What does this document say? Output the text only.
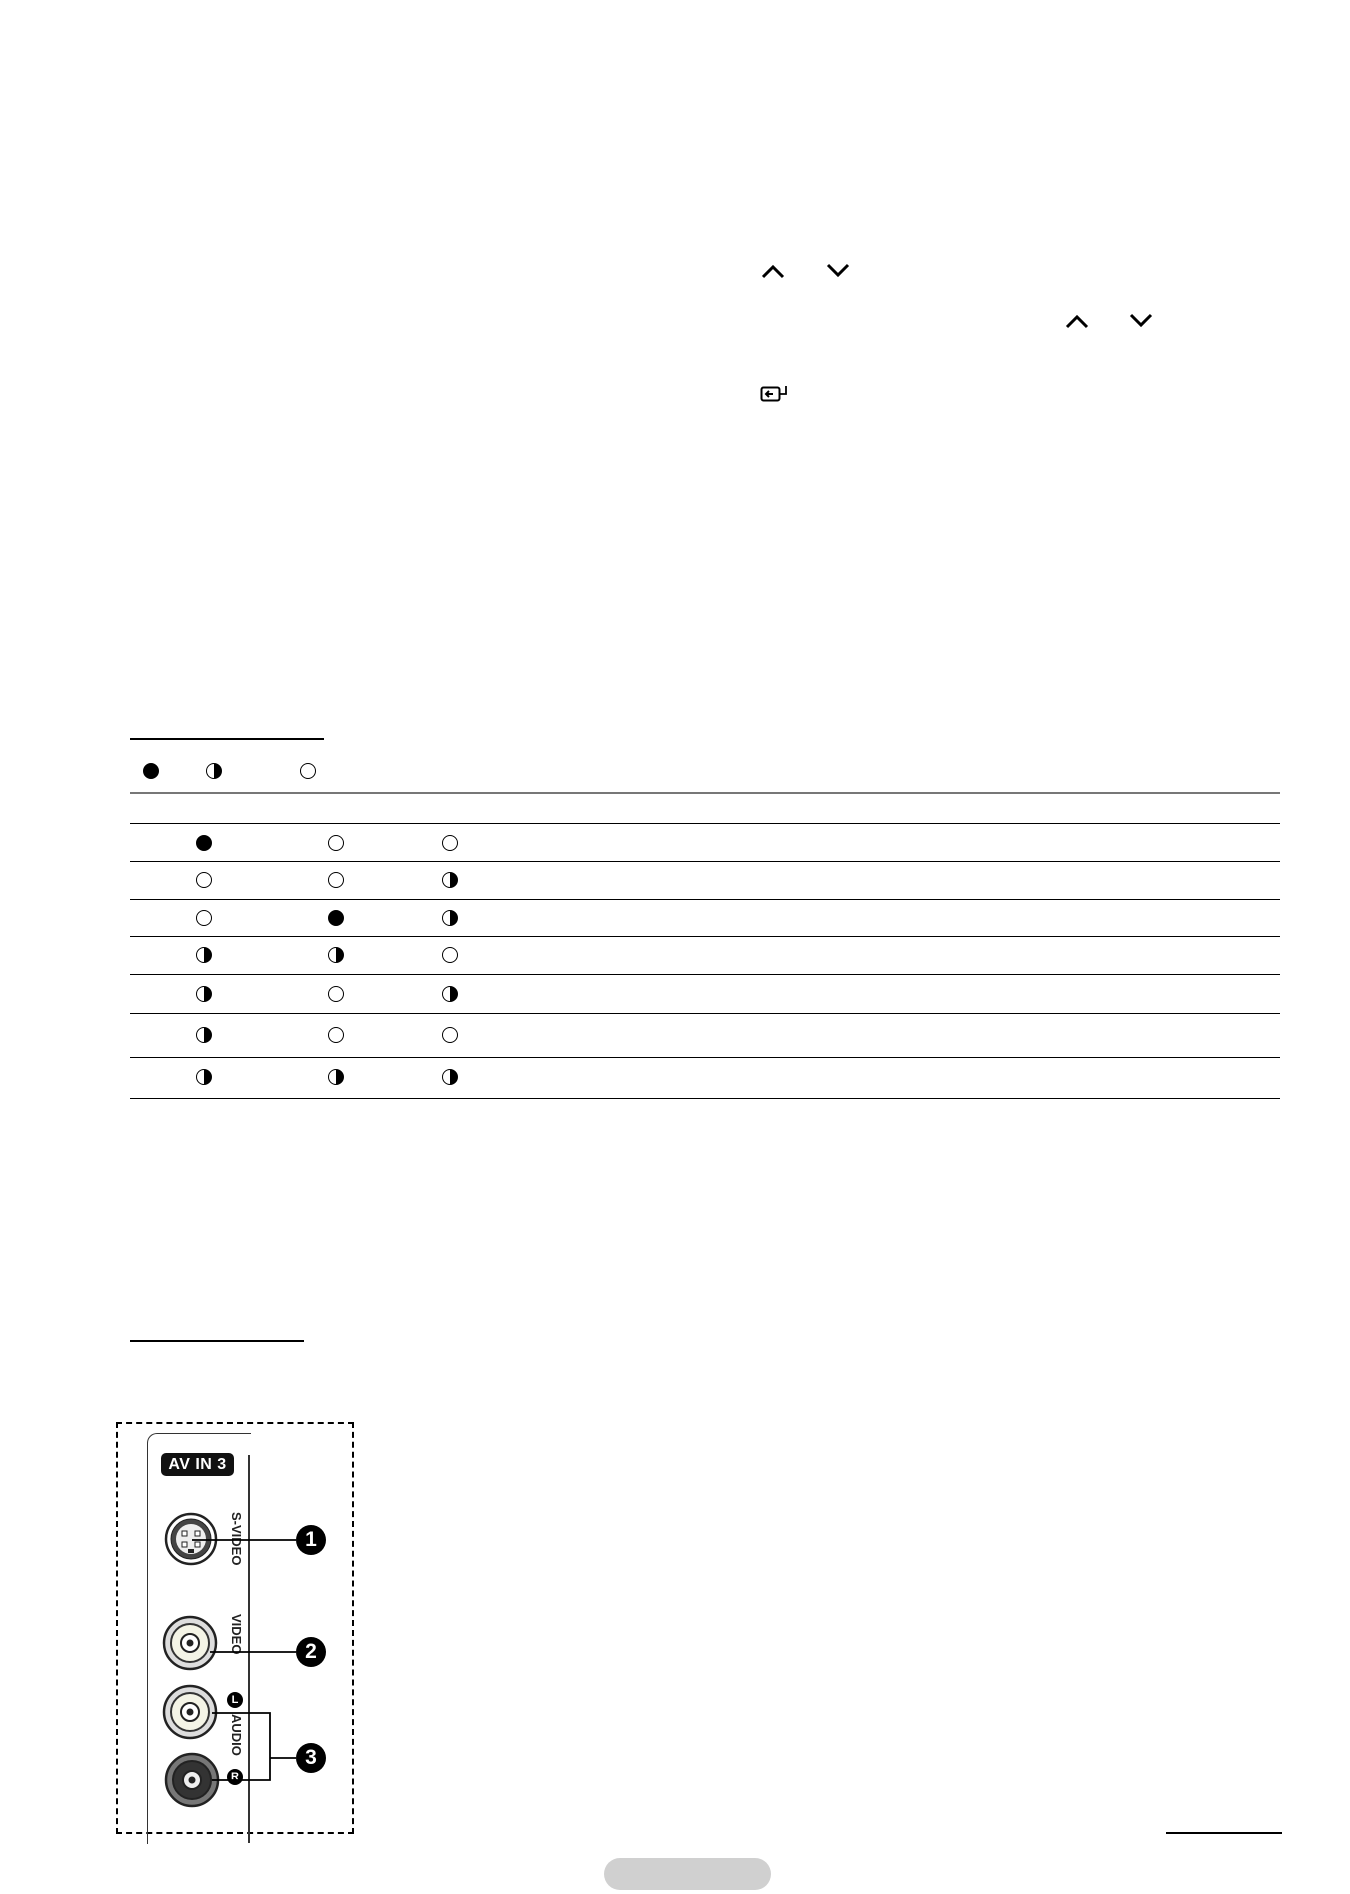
AV IN 3
S-VIDEO
VIDEO
L
AUDIO
R
1
2
3
